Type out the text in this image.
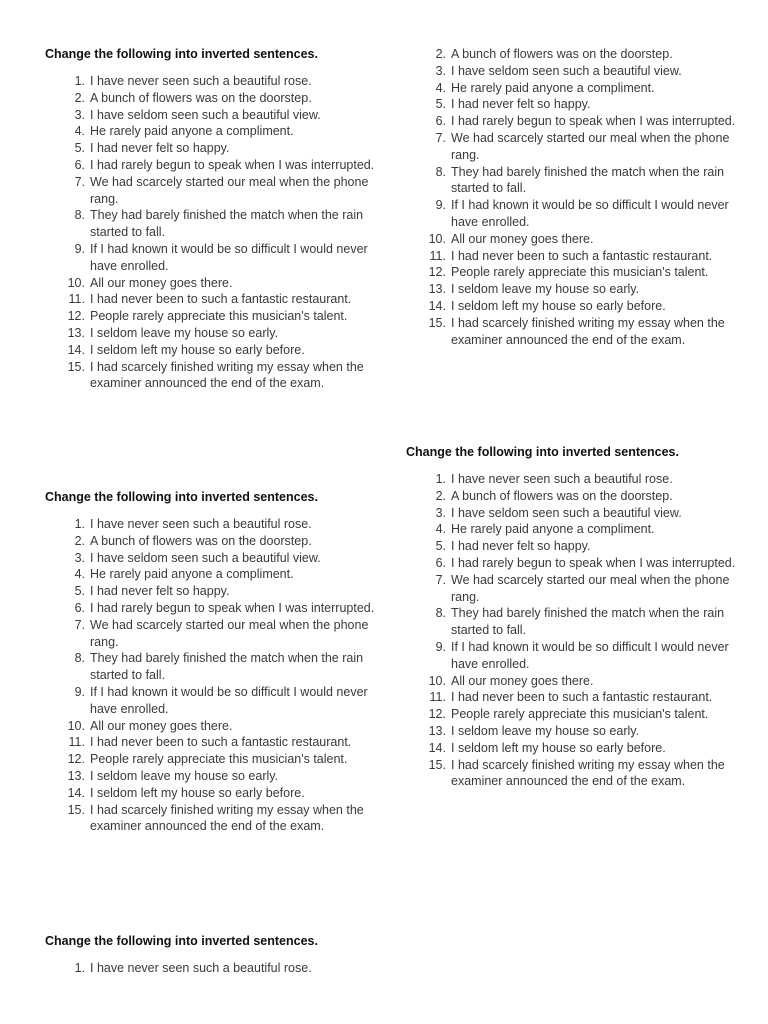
Change the following into inverted sentences.
1 . I have never seen such a beautiful rose.
2 . A bunch of flowers was on the doorstep.
3 . I have seldom seen such a beautiful view.
4 . He rarely paid anyone a compliment.
5 . I had never felt so happy.
6 . I had rarely begun to speak when I was interrupted.
7 . We had scarcely started our meal when the phone rang.
8 . They had barely finished the match when the rain started to fall.
9 . If I had known it would be so difficult I would never have enrolled.
10 . All our money goes there.
11 . I had never been to such a fantastic restaurant.
12 . People rarely appreciate this musician's talent.
13 . I seldom leave my house so early.
14 . I seldom left my house so early before.
15 . I had scarcely finished writing my essay when the examiner announced the end of the exam.
2 . A bunch of flowers was on the doorstep.
3 . I have seldom seen such a beautiful view.
4 . He rarely paid anyone a compliment.
5 . I had never felt so happy.
6 . I had rarely begun to speak when I was interrupted.
7 . We had scarcely started our meal when the phone rang.
8 . They had barely finished the match when the rain started to fall.
9 . If I had known it would be so difficult I would never have enrolled.
10 . All our money goes there.
11 . I had never been to such a fantastic restaurant.
12 . People rarely appreciate this musician's talent.
13 . I seldom leave my house so early.
14 . I seldom left my house so early before.
15 . I had scarcely finished writing my essay when the examiner announced the end of the exam.
Change the following into inverted sentences.
1 . I have never seen such a beautiful rose.
2 . A bunch of flowers was on the doorstep.
3 . I have seldom seen such a beautiful view.
4 . He rarely paid anyone a compliment.
5 . I had never felt so happy.
6 . I had rarely begun to speak when I was interrupted.
7 . We had scarcely started our meal when the phone rang.
8 . They had barely finished the match when the rain started to fall.
9 . If I had known it would be so difficult I would never have enrolled.
10 . All our money goes there.
11 . I had never been to such a fantastic restaurant.
12 . People rarely appreciate this musician's talent.
13 . I seldom leave my house so early.
14 . I seldom left my house so early before.
15 . I had scarcely finished writing my essay when the examiner announced the end of the exam.
Change the following into inverted sentences.
1 . I have never seen such a beautiful rose.
2 . A bunch of flowers was on the doorstep.
3 . I have seldom seen such a beautiful view.
4 . He rarely paid anyone a compliment.
5 . I had never felt so happy.
6 . I had rarely begun to speak when I was interrupted.
7 . We had scarcely started our meal when the phone rang.
8 . They had barely finished the match when the rain started to fall.
9 . If I had known it would be so difficult I would never have enrolled.
10 . All our money goes there.
11 . I had never been to such a fantastic restaurant.
12 . People rarely appreciate this musician's talent.
13 . I seldom leave my house so early.
14 . I seldom left my house so early before.
15 . I had scarcely finished writing my essay when the examiner announced the end of the exam.
Change the following into inverted sentences.
1 . I have never seen such a beautiful rose.
